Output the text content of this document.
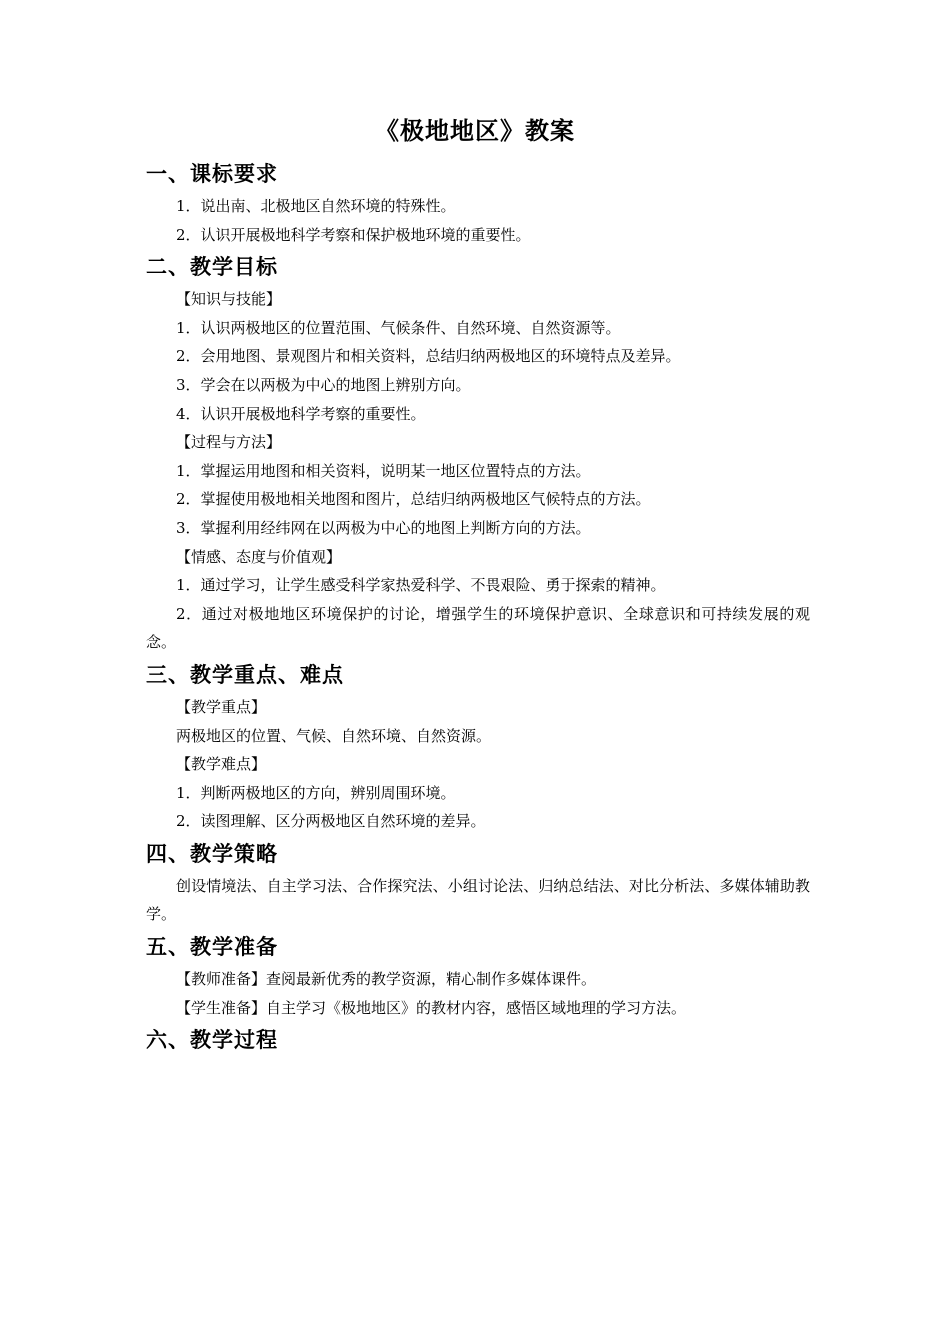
《极地地区》教案
一、课标要求

1．说出南、北极地区自然环境的特殊性。

2．认识开展极地科学考察和保护极地环境的重要性。

二、教学目标

【知识与技能】

1．认识两极地区的位置范围、气候条件、自然环境、自然资源等。

2．会用地图、景观图片和相关资料，总结归纳两极地区的环境特点及差异。

3．学会在以两极为中心的地图上辨别方向。

4．认识开展极地科学考察的重要性。

【过程与方法】

1．掌握运用地图和相关资料，说明某一地区位置特点的方法。

2．掌握使用极地相关地图和图片，总结归纳两极地区气候特点的方法。

3．掌握利用经纬网在以两极为中心的地图上判断方向的方法。

【情感、态度与价值观】

1．通过学习，让学生感受科学家热爱科学、不畏艰险、勇于探索的精神。

2．通过对极地地区环境保护的讨论，增强学生的环境保护意识、全球意识和可持续发展的观念。

三、教学重点、难点

【教学重点】

两极地区的位置、气候、自然环境、自然资源。

【教学难点】

1．判断两极地区的方向，辨别周围环境。

2．读图理解、区分两极地区自然环境的差异。

四、教学策略

创设情境法、自主学习法、合作探究法、小组讨论法、归纳总结法、对比分析法、多媒体辅助教学。

五、教学准备

【教师准备】查阅最新优秀的教学资源，精心制作多媒体课件。

【学生准备】自主学习《极地地区》的教材内容，感悟区域地理的学习方法。

六、教学过程
